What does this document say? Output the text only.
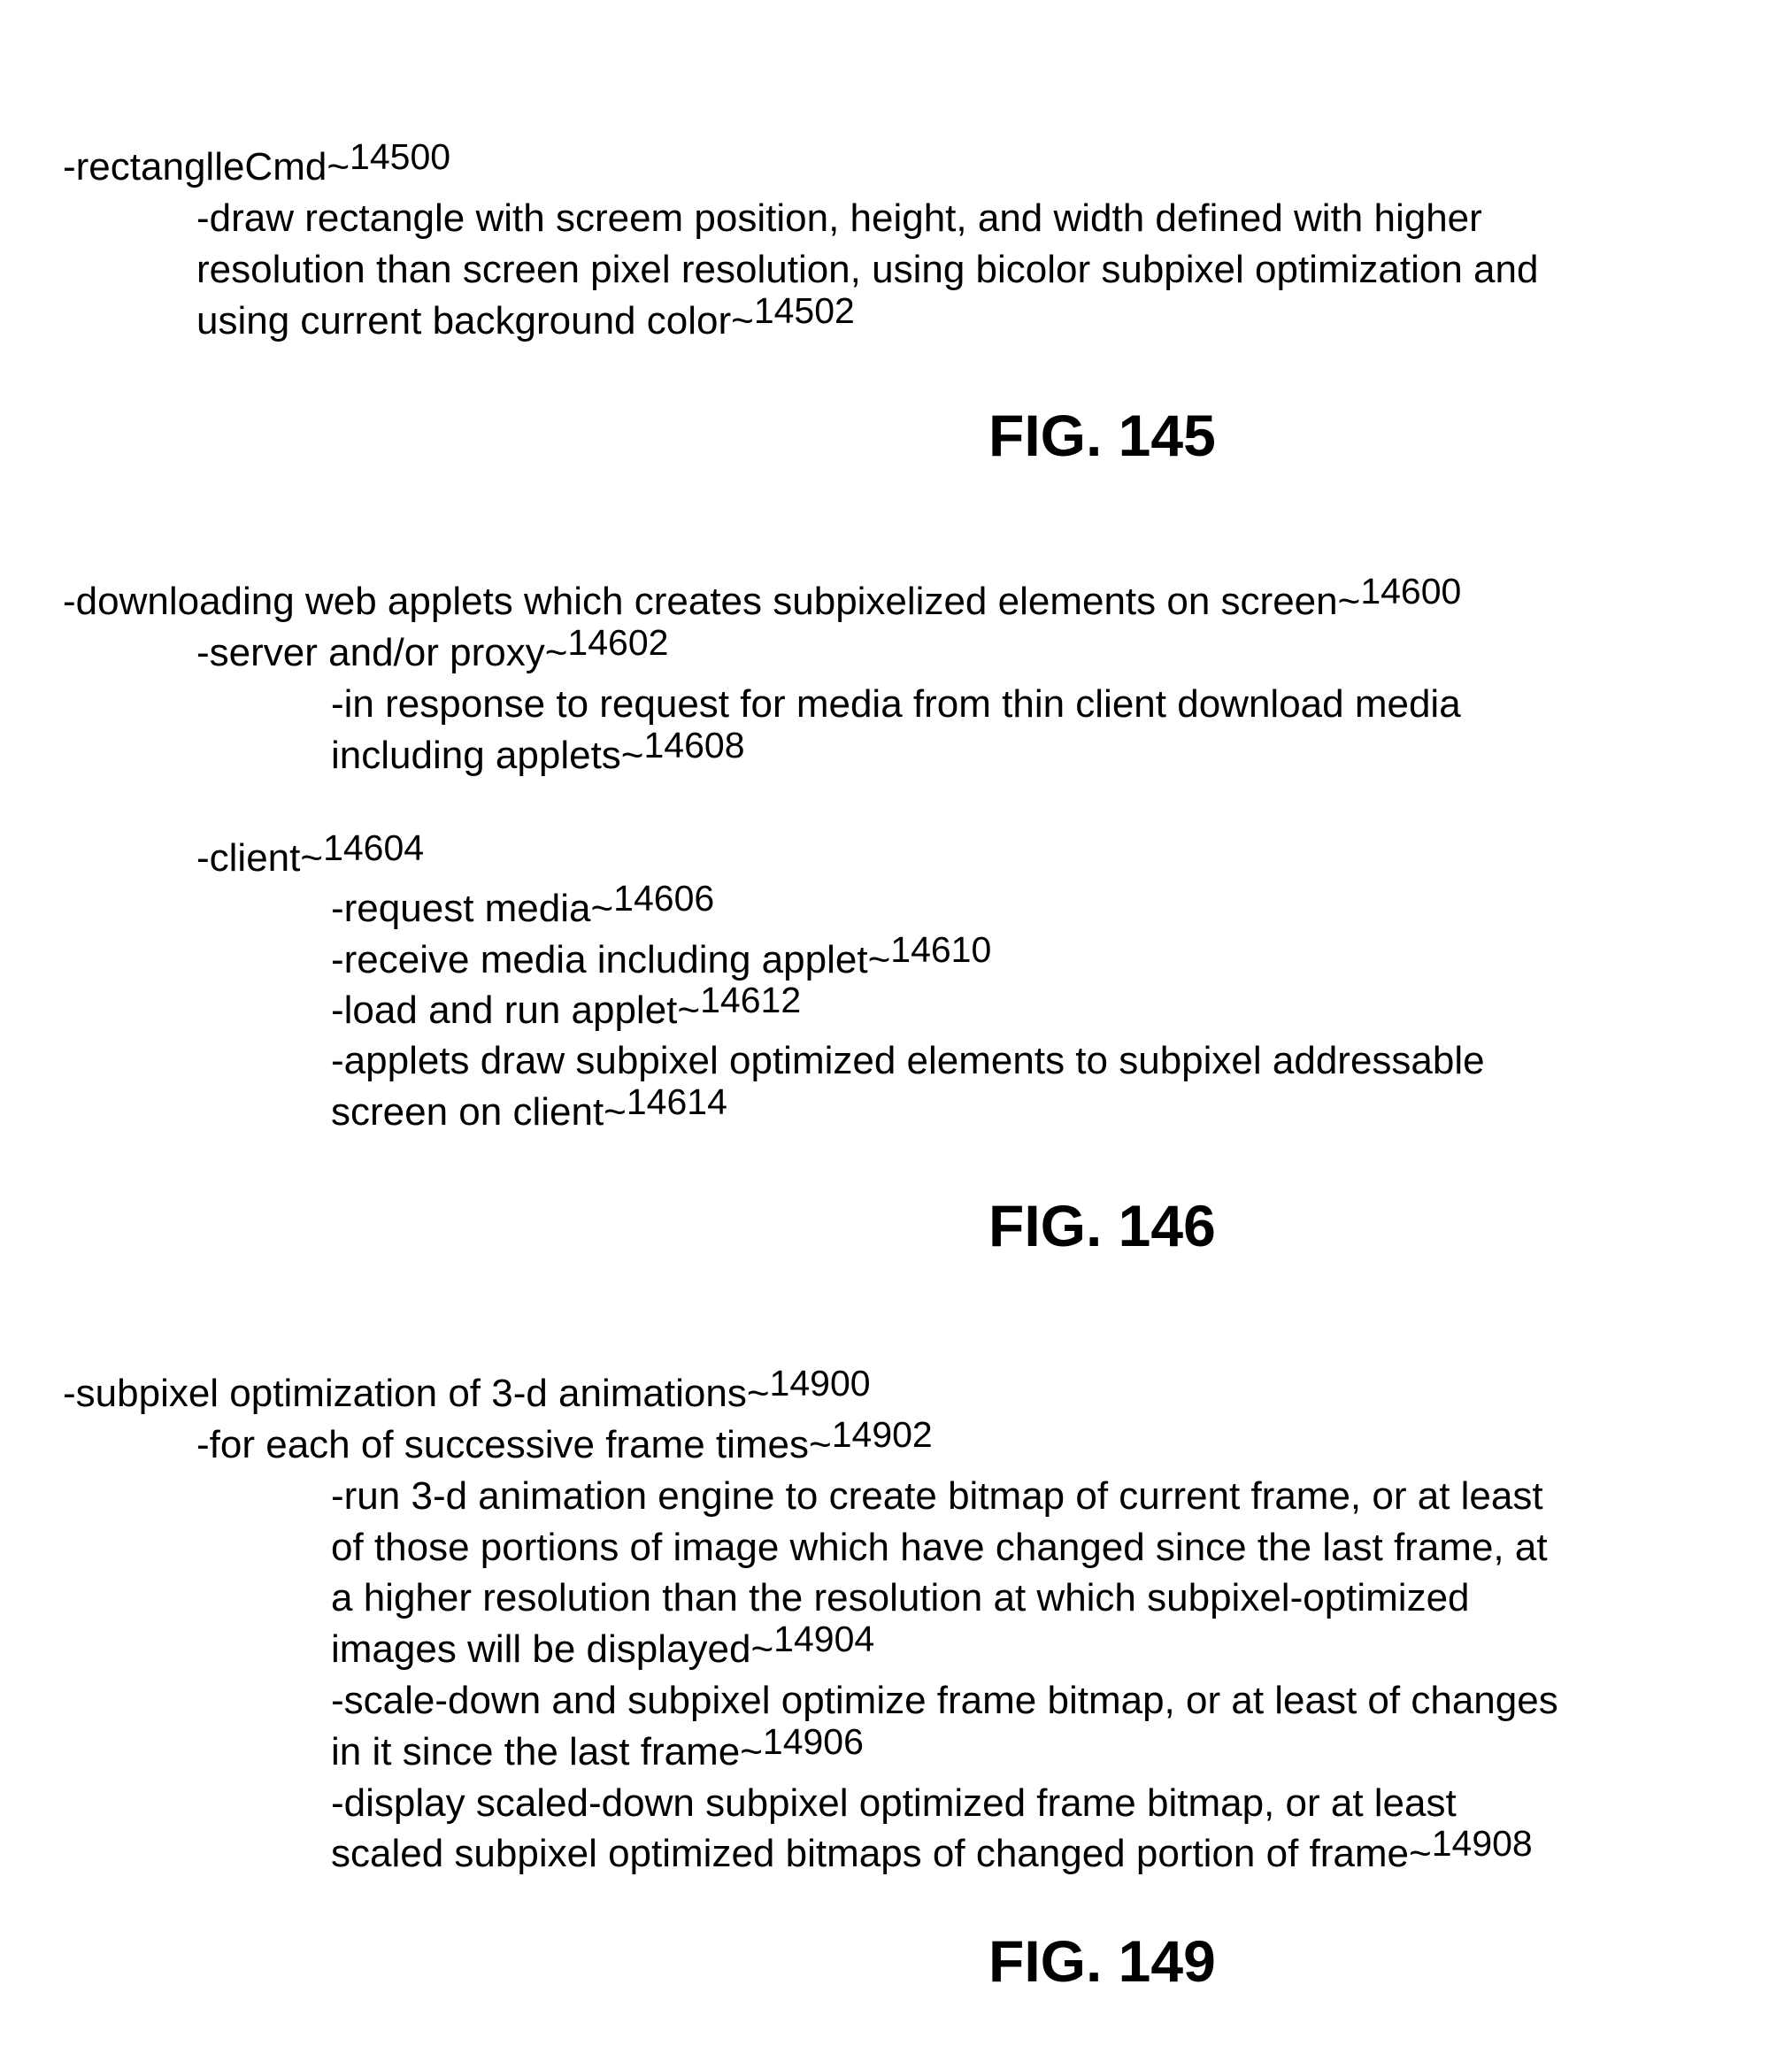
-rectanglleCmd~14500
-draw rectangle with screem position, height, and width defined with higher
resolution than screen pixel resolution, using bicolor subpixel optimization and
using current background color~14502
FIG. 145
-downloading web applets which creates subpixelized elements on screen~14600
-server and/or proxy~14602
-in response to request for media from thin client download media
including applets~14608
-client~14604
-request media~14606
-receive media including applet~14610
-load and run applet~14612
-applets draw subpixel optimized elements to subpixel addressable
screen on client~14614
FIG. 146
-subpixel optimization of 3-d animations~14900
-for each of successive frame times~14902
-run 3-d animation engine to create bitmap of current frame, or at least
of those portions of image which have changed since the last frame, at
a higher resolution than the resolution at which subpixel-optimized
images will be displayed~14904
-scale-down and subpixel optimize frame bitmap, or at least of changes
in it since the last frame~14906
-display scaled-down subpixel optimized frame bitmap, or at least
scaled subpixel optimized bitmaps of changed portion of frame~14908
FIG. 149
